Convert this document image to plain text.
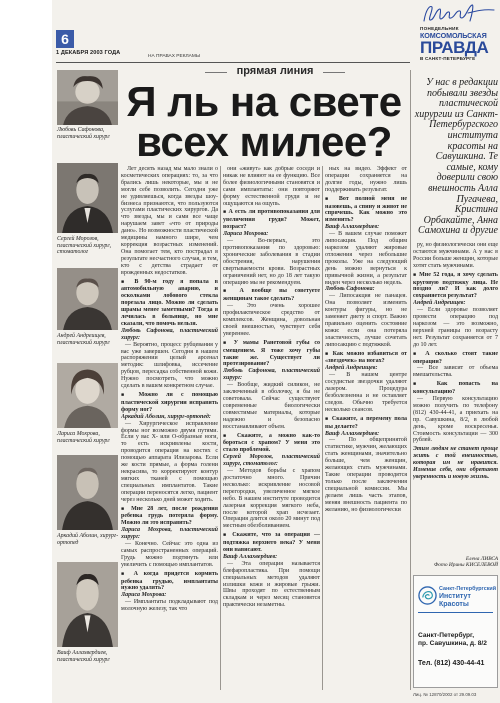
6
1 ДЕКАБРЯ 2003 ГОДА
НА ПРАВАХ РЕКЛАМЫ
прямая линия
ПОНЕДЕЛЬНИК
КОМСОМОЛЬСКАЯ
ПРАВДА
В САНКТ-ПЕТЕРБУРГЕ
Я ль на свете
всех милее?
У нас в редакции побывали звезды пластической хирургии из Санкт-Петербургского института красоты на Савушкина. Те самые, кому доверили свою внешность Алла Пугачева, Кристина Орбакайте, Анна Самохина и другие
Любовь Сафонова, пластический хирург
Сергей Морозов, пластический хирург, стоматолог
Андрей Андреищев, пластический хирург
Лариса Мохрова, пластический хирург
Аркадий Аболин, хирург-ортопед
Ваиф Аллахвердиев, пластический хирург

Лет десять назад мы мало знали о косметических операциях: то, за что брались лишь некоторые, мы и не могли себе позволить. Сегодня уже не удивляешься, когда звезды шоу-бизнеса признаются, что пользуются услугами пластических хирургов. Да что звезды, мы и сами все чаще нарушаем завет «что от природы дано». Но возможности пластической медицины намного шире, чем коррекция возрастных изменений. Она помогает тем, кто пострадал в результате несчастного случая, и тем, кто с детства страдает от врожденных недостатков.

■ В 90-м году я попала в автомобильную аварию, и осколками лобового стекла порезала лицо. Можно ли сделать шрамы менее заметными? Тогда я лечилась в больнице, но мне сказали, что помочь нельзя.

Любовь Сафонова, пластический хирург:

— Вероятно, процесс рубцевания у вас уже завершен. Сегодня в нашем распоряжении целый арсенал методик: шлифовка, иссечение рубцов, пересадка собственной кожи. Нужно посмотреть, что можно сделать в вашем конкретном случае.

■ Можно ли с помощью пластической хирургии исправить форму ног?

Аркадий Аболин, хирург-ортопед:

— Хирургическое исправление формы ног возможно двумя путями. Если у вас Х- или О-образные ноги, то есть искривлены кости, проводится операция на костях с помощью аппарата Илизарова. Если же кости прямые, а форма голени некрасива, то корректируют контур мягких тканей с помощью специальных имплантатов. Такие операции переносятся легко, пациент через несколько дней может ходить.

■ Мне 28 лет, после рождения ребенка грудь потеряла форму. Можно ли это исправить?

Лариса Мохрова, пластический хирург:

— Конечно. Сейчас это одна из самых распространенных операций. Грудь можно подтянуть или увеличить с помощью имплантатов.

■ А когда придется кормить ребенка грудью, имплантаты нужно удалять?

Лариса Мохрова:

— Имплантаты подкладывают под молочную железу, так что

они «живут» как добрые соседи и никак не влияют на ее функцию. Все более физиологичными становятся и сами имплантаты: они повторяют форму естественной груди и не ощущаются на ощупь.

■ А есть ли противопоказания для увеличения груди? Может, возраст?

Лариса Мохрова:

— Во-первых, это противопоказания по здоровью: хронические заболевания в стадии обострения, нарушения свертываемости крови. Возрастных ограничений нет, но до 18 лет такую операцию мы не рекомендуем.

■ А вообще вы советуете женщинам такое сделать?

— Это очень хорошее профилактическое средство от комплексов. Женщина, довольная своей внешностью, чувствует себя увереннее.

■ У мамы Ранетовой губы со смещением. Я тоже хочу губы такие же. Существует ли протезирование?

Любовь Сафонова, пластический хирург:

— Вообще, жидкий силикон, не заключенный в оболочку, я бы не советовала. Сейчас существуют современные биологически совместимые материалы, которые надежно и безопасно восстанавливают объем.

■ Скажите, а можно как-то бороться с храпом? У меня это стало проблемой.

Сергей Морозов, пластический хирург, стоматолог:

— Методов борьбы с храпом достаточно много. Причин несколько: искривление носовой перегородки, увеличенное мягкое небо. В нашем институте проводится лазерная коррекция мягкого неба, после которой храп исчезает. Операция длится около 20 минут под местным обезболиванием.

■ Скажите, что за операция — подтяжка верхнего века? У меня они нависают.

Ваиф Аллахвердиев:

— Эта операция называется блефаропластика. При помощи специальных методов удаляют излишки кожи и жировые грыжи. Швы проходят по естественным складкам и через месяц становятся практически незаметны.

ных на видео. Эффект от операции сохраняется на долгие годы, нужно лишь поддерживать результат.

■ Вот полной меня не назовешь, а спину и живот не спрячешь. Как можно это изменить?

Ваиф Аллахвердиев:

— В вашем случае поможет липосакция. Под общим наркозом удаляют жировые отложения через небольшие проколы. Уже на следующий день можно вернуться к привычной жизни, а результат виден через несколько недель.

Любовь Сафонова:

— Липосакция не панацея. Она позволяет изменить контуры фигуры, но не заменяет диету и спорт. Важно правильно оценить состояние кожи: если она потеряла эластичность, лучше сочетать липосакцию с подтяжкой.

■ Как можно избавиться от «звездочек» на ногах?

Андрей Андреищев:

— В нашем центре сосудистые звездочки удаляют лазером. Процедура безболезненна и не оставляет следов. Обычно требуется несколько сеансов.

■ Скажите, а перемену пола вы делаете?

Ваиф Аллахвердиев:

— По общепринятой статистике, мужчин, желающих стать женщинами, значительно больше, чем женщин, желающих стать мужчинами. Такие операции проводятся только после заключения специальной комиссии. Мы делаем лишь часть этапов, меняя внешность пациента по желанию, но физиологически

ру, но физиологически они еще остаются мужчинами. А у нас в России больше женщин, которые хотят стать мужчинами.

■ Мне 52 года, я хочу сделать круговую подтяжку лица. Не поздно ли? И как долго сохраняется результат?

Андрей Андреищев:

— Если здоровье позволяет провести операцию под наркозом — это возможно, верхней границы по возрасту нет. Результат сохраняется от 7 до 10 лет.

■ А сколько стоят такие операции?

— Все зависит от объема вмешательства.

■ Как попасть на консультацию?

— Первую консультацию можно получить по телефону (812) 430-44-41, а приехать на пр. Савушкина, 8/2, в любой день, кроме воскресенья. Стоимость консультации — 300 рублей.

Этим людям не станет проще жить с той внешностью, которая им не нравится. Изменив себя, они обретают уверенность и новую жизнь.

Елена ЛИВСА
Фото Ирины КИСЕЛЕВОЙ
Санкт-Петербургский
Институт Красоты
Санкт-Петербург,
пр. Савушкина, д. 8/2
Тел. (812) 430-44-41
Лиц. № 12870/2002 от 29.09.03
